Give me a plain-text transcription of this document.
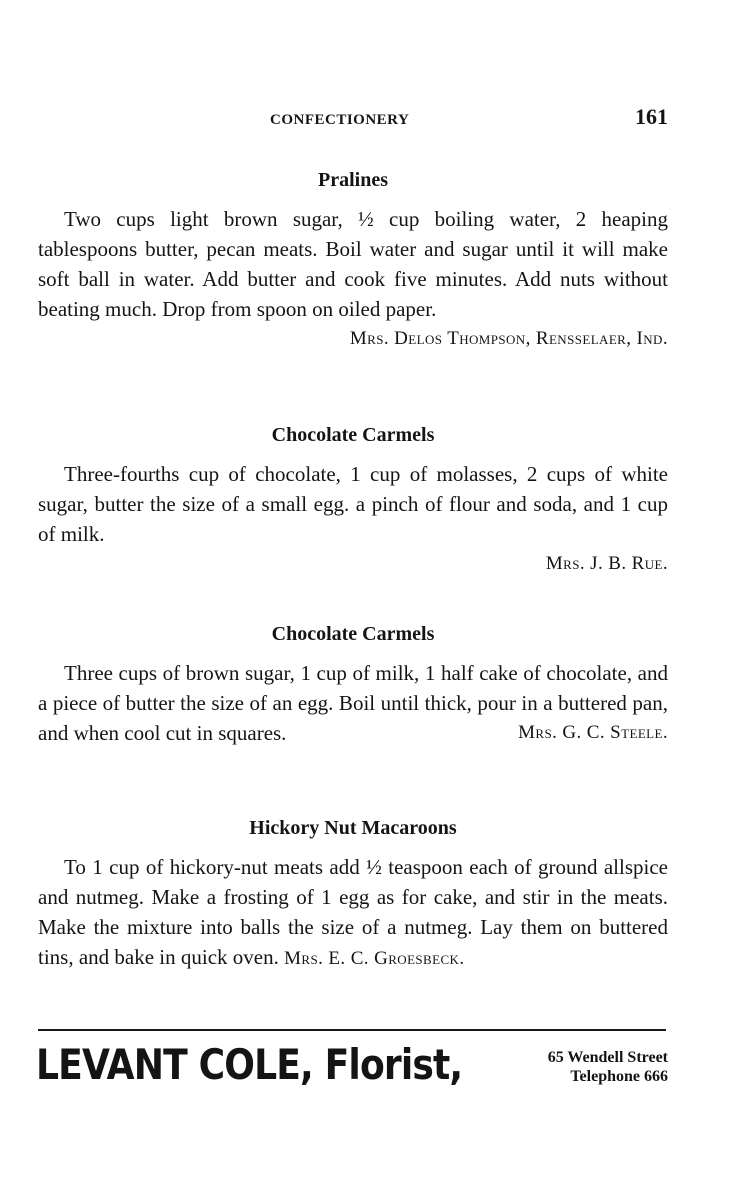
CONFECTIONERY	161
Pralines

Two cups light brown sugar, ½ cup boiling water, 2 heaping tablespoons butter, pecan meats. Boil water and sugar until it will make soft ball in water. Add butter and cook five minutes. Add nuts without beating much. Drop from spoon on oiled paper.

Mrs. Delos Thompson, Rensselaer, Ind.

Chocolate Carmels

Three-fourths cup of chocolate, 1 cup of molasses, 2 cups of white sugar, butter the size of a small egg. a pinch of flour and soda, and 1 cup of milk.

Mrs. J. B. Rue.

Chocolate Carmels

Three cups of brown sugar, 1 cup of milk, 1 half cake of chocolate, and a piece of butter the size of an egg. Boil until thick, pour in a buttered pan, and when cool cut in squares.	Mrs. G. C. Steele.

Hickory Nut Macaroons

To 1 cup of hickory-nut meats add ½ teaspoon each of ground allspice and nutmeg. Make a frosting of 1 egg as for cake, and stir in the meats. Make the mixture into balls the size of a nutmeg. Lay them on buttered tins, and bake in quick oven. Mrs. E. C. Groesbeck.

LEVANT COLE, Florist,	65 Wendell Street
Telephone 666
